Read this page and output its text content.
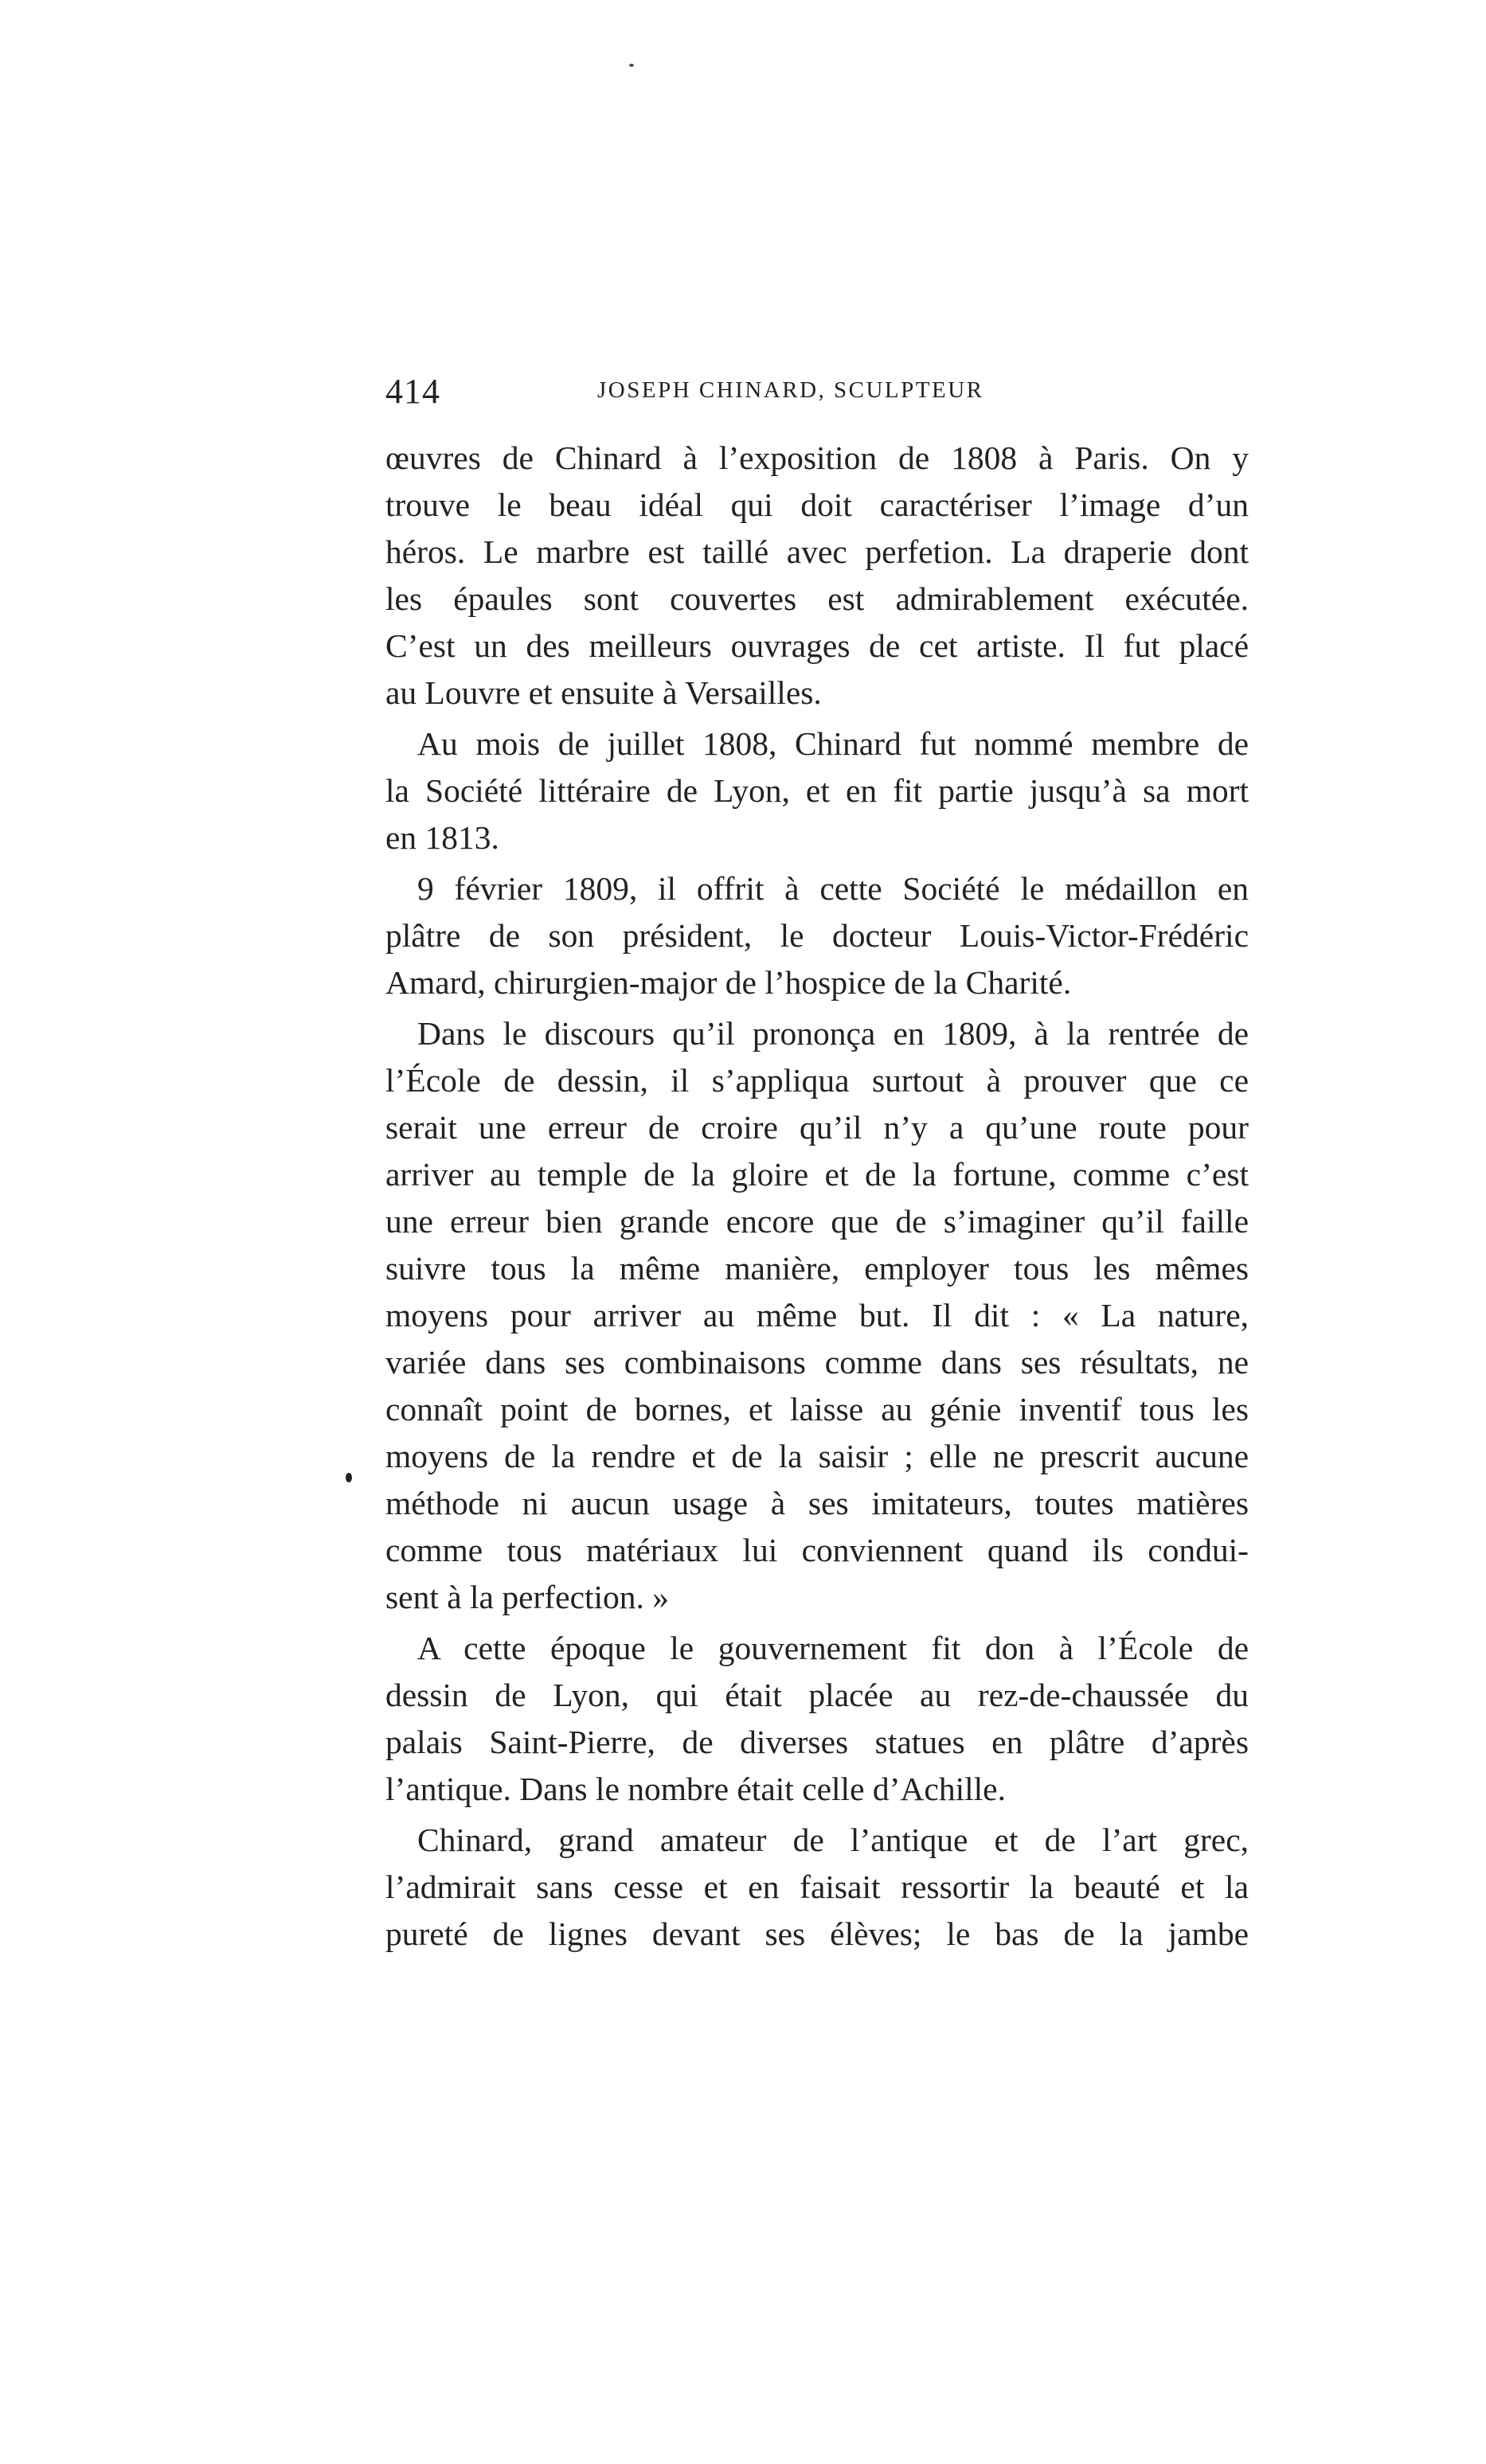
414	JOSEPH CHINARD, SCULPTEUR
œuvres de Chinard à l’exposition de 1808 à Paris. On y
trouve le beau idéal qui doit caractériser l’image d’un
héros. Le marbre est taillé avec perfetion. La draperie dont
les épaules sont couvertes est admirablement exécutée.
C’est un des meilleurs ouvrages de cet artiste. Il fut placé
au Louvre et ensuite à Versailles.
Au mois de juillet 1808, Chinard fut nommé membre de
la Société littéraire de Lyon, et en fit partie jusqu’à sa mort
en 1813.
9 février 1809, il offrit à cette Société le médaillon en
plâtre de son président, le docteur Louis-Victor-Frédéric
Amard, chirurgien-major de l’hospice de la Charité.
Dans le discours qu’il prononça en 1809, à la rentrée de
l’École de dessin, il s’appliqua surtout à prouver que ce
serait une erreur de croire qu’il n’y a qu’une route pour
arriver au temple de la gloire et de la fortune, comme c’est
une erreur bien grande encore que de s’imaginer qu’il faille
suivre tous la même manière, employer tous les mêmes
moyens pour arriver au même but. Il dit : « La nature,
variée dans ses combinaisons comme dans ses résultats, ne
connaît point de bornes, et laisse au génie inventif tous les
moyens de la rendre et de la saisir ; elle ne prescrit aucune
méthode ni aucun usage à ses imitateurs, toutes matières
comme tous matériaux lui conviennent quand ils condui-
sent à la perfection. »
A cette époque le gouvernement fit don à l’École de
dessin de Lyon, qui était placée au rez-de-chaussée du
palais Saint-Pierre, de diverses statues en plâtre d’après
l’antique. Dans le nombre était celle d’Achille.
Chinard, grand amateur de l’antique et de l’art grec,
l’admirait sans cesse et en faisait ressortir la beauté et la
pureté de lignes devant ses élèves; le bas de la jambe
